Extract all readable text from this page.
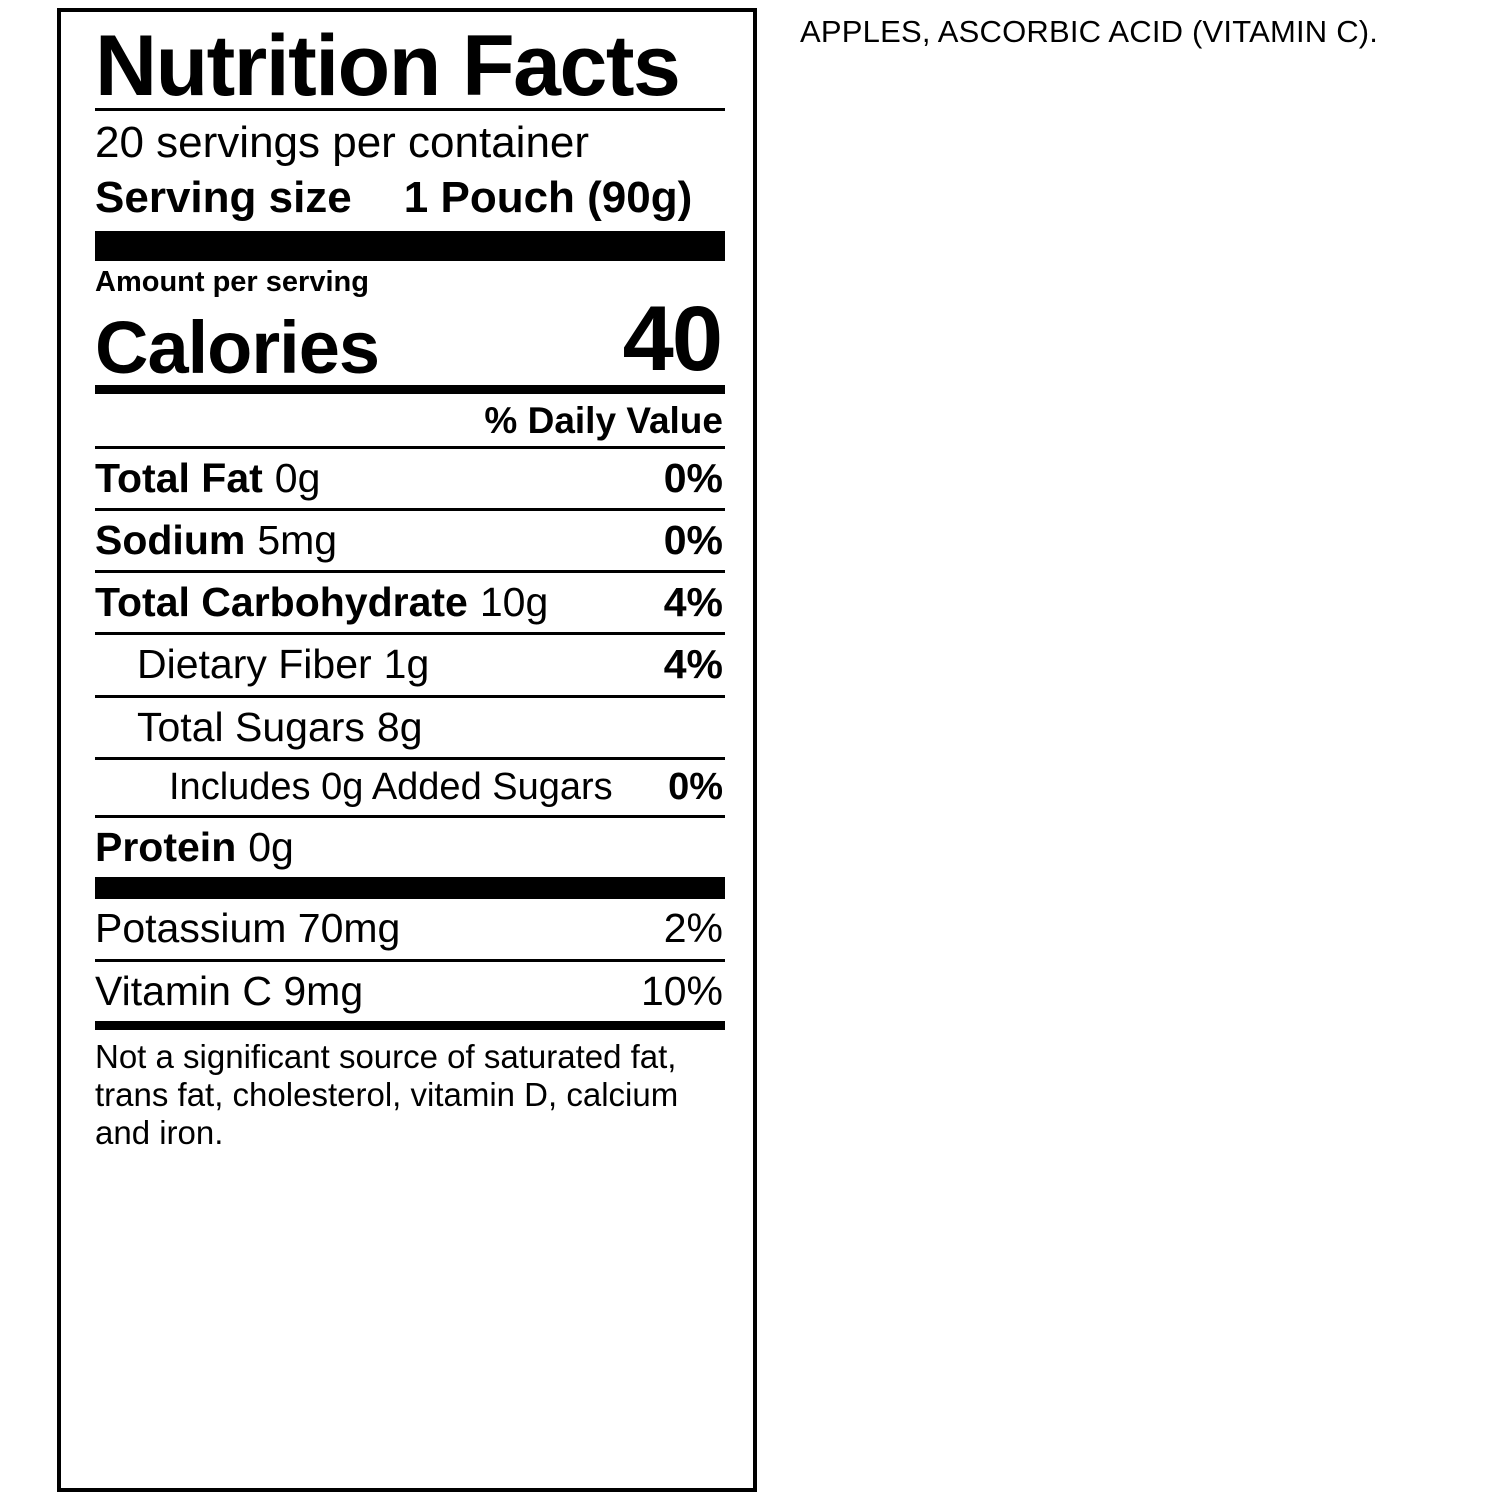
APPLES, ASCORBIC ACID (VITAMIN C).
Nutrition Facts
20 servings per container
Serving size 1 Pouch (90g)
Amount per serving
Calories	40
% Daily Value
Total Fat 0g	0%
Sodium 5mg	0%
Total Carbohydrate 10g	4%
Dietary Fiber 1g	4%
Total Sugars 8g
Includes 0g Added Sugars 0%
Protein 0g
Potassium 70mg	2%
Vitamin C 9mg	10%
Not a significant source of saturated fat, trans fat, cholesterol, vitamin D, calcium and iron.
